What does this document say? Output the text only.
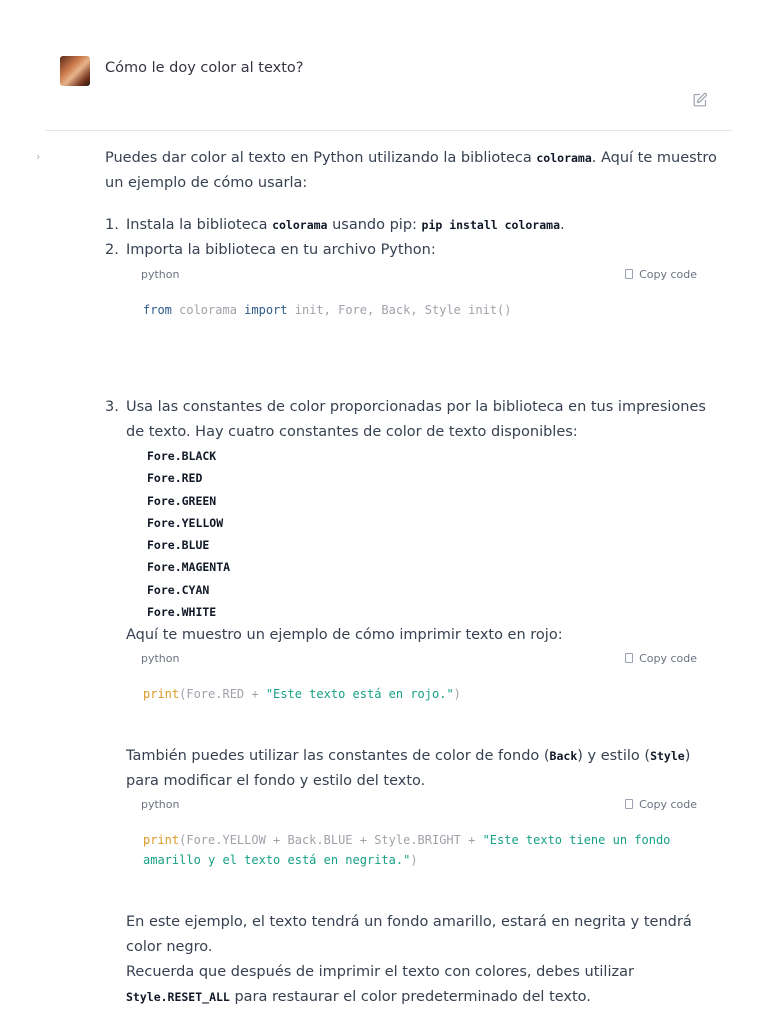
Cómo le doy color al texto?
›	Puedes dar color al texto en Python utilizando la biblioteca colorama. Aquí te muestro un ejemplo de cómo usarla:
1. Instala la biblioteca colorama usando pip: pip install colorama.
2. Importa la biblioteca en tu archivo Python:
python	Copy code
from colorama import init, Fore, Back, Style init()
3. Usa las constantes de color proporcionadas por la biblioteca en tus impresiones de texto. Hay cuatro constantes de color de texto disponibles:
Fore.BLACK
Fore.RED
Fore.GREEN
Fore.YELLOW
Fore.BLUE
Fore.MAGENTA
Fore.CYAN
Fore.WHITE
Aquí te muestro un ejemplo de cómo imprimir texto en rojo:
python	Copy code
print(Fore.RED + "Este texto está en rojo.")
También puedes utilizar las constantes de color de fondo (Back) y estilo (Style) para modificar el fondo y estilo del texto.
python	Copy code
print(Fore.YELLOW + Back.BLUE + Style.BRIGHT + "Este texto tiene un fondo amarillo y el texto está en negrita.")
En este ejemplo, el texto tendrá un fondo amarillo, estará en negrita y tendrá color negro.
Recuerda que después de imprimir el texto con colores, debes utilizar Style.RESET_ALL para restaurar el color predeterminado del texto.
